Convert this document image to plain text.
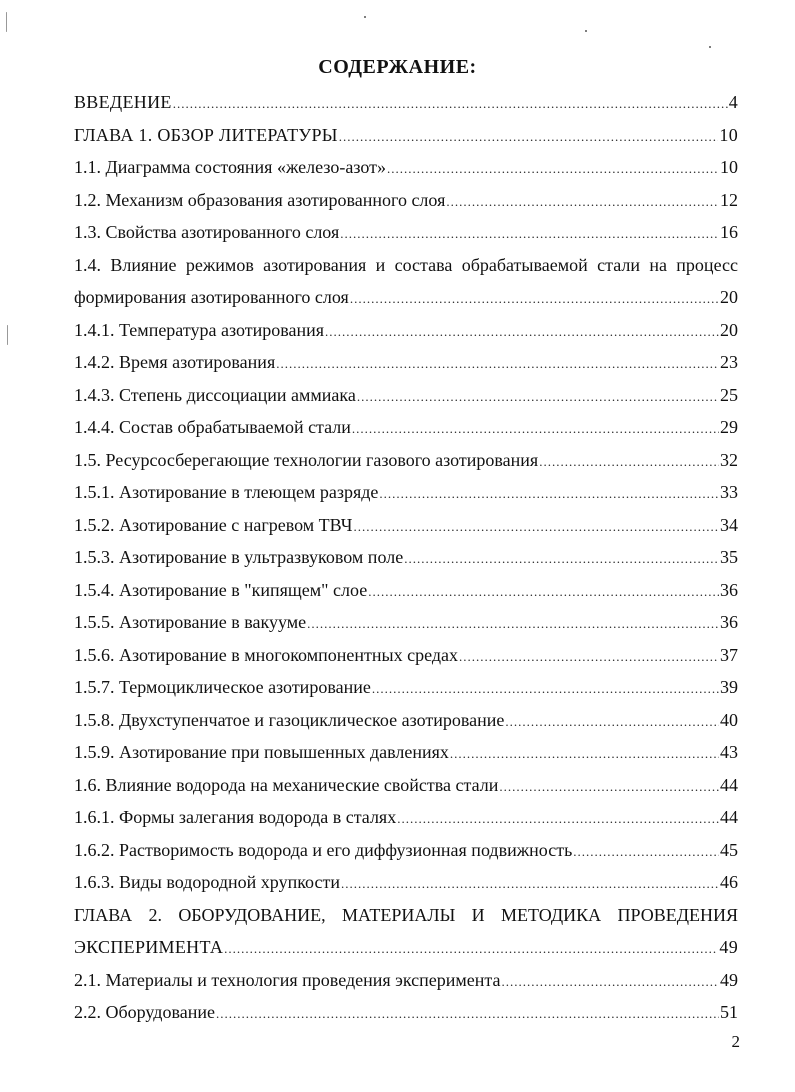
СОДЕРЖАНИЕ:
ВВЕДЕНИЕ .....	4
ГЛАВА 1. ОБЗОР ЛИТЕРАТУРЫ .....	10
1.1. Диаграмма состояния «железо-азот» .....	10
1.2. Механизм образования азотированного слоя .....	12
1.3. Свойства азотированного слоя .....	16
1.4. Влияние режимов азотирования и состава обрабатываемой стали на процесс
формирования азотированного слоя .....	20
1.4.1. Температура азотирования .....	20
1.4.2. Время азотирования .....	23
1.4.3. Степень диссоциации аммиака .....	25
1.4.4. Состав обрабатываемой стали .....	29
1.5. Ресурсосберегающие технологии газового азотирования .....	32
1.5.1. Азотирование в тлеющем разряде .....	33
1.5.2. Азотирование с нагревом ТВЧ .....	34
1.5.3. Азотирование в ультразвуковом поле .....	35
1.5.4. Азотирование в "кипящем" слое .....	36
1.5.5. Азотирование в вакууме .....	36
1.5.6. Азотирование в многокомпонентных средах .....	37
1.5.7. Термоциклическое азотирование .....	39
1.5.8. Двухступенчатое и газоциклическое азотирование .....	40
1.5.9. Азотирование при повышенных давлениях .....	43
1.6. Влияние водорода на механические свойства стали .....	44
1.6.1. Формы залегания водорода в сталях .....	44
1.6.2. Растворимость водорода и его диффузионная подвижность .....	45
1.6.3. Виды водородной хрупкости .....	46
ГЛАВА 2. ОБОРУДОВАНИЕ, МАТЕРИАЛЫ И МЕТОДИКА ПРОВЕДЕНИЯ
ЭКСПЕРИМЕНТА .....	49
2.1. Материалы и технология проведения эксперимента .....	49
2.2. Оборудование .....	51
2
